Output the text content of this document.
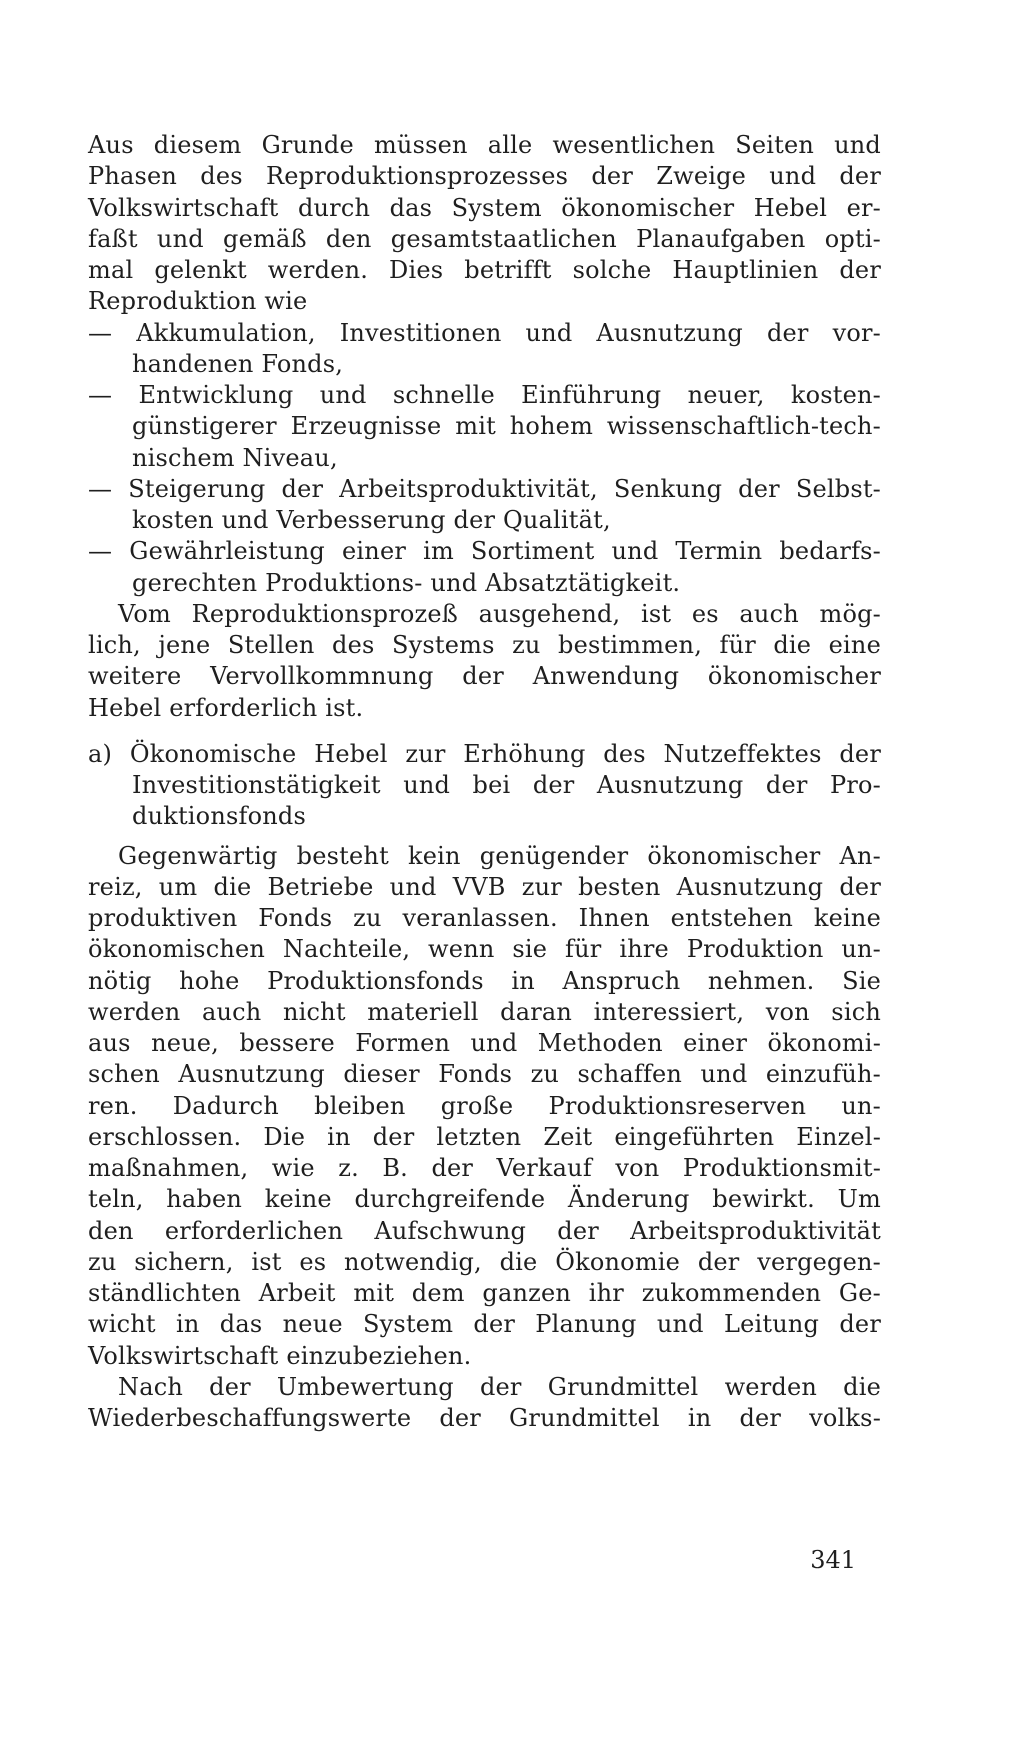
Aus diesem Grunde müssen alle wesentlichen Seiten und
Phasen des Reproduktionsprozesses der Zweige und der
Volkswirtschaft durch das System ökonomischer Hebel er-
faßt und gemäß den gesamtstaatlichen Planaufgaben opti-
mal gelenkt werden. Dies betrifft solche Hauptlinien der
Reproduktion wie
— Akkumulation, Investitionen und Ausnutzung der vor-
handenen Fonds,
— Entwicklung und schnelle Einführung neuer, kosten-
günstigerer Erzeugnisse mit hohem wissenschaftlich-tech-
nischem Niveau,
— Steigerung der Arbeitsproduktivität, Senkung der Selbst-
kosten und Verbesserung der Qualität,
— Gewährleistung einer im Sortiment und Termin bedarfs-
gerechten Produktions- und Absatztätigkeit.
Vom Reproduktionsprozeß ausgehend, ist es auch mög-
lich, jene Stellen des Systems zu bestimmen, für die eine
weitere Vervollkommnung der Anwendung ökonomischer
Hebel erforderlich ist.
a) Ökonomische Hebel zur Erhöhung des Nutzeffektes der
Investitionstätigkeit und bei der Ausnutzung der Pro-
duktionsfonds
Gegenwärtig besteht kein genügender ökonomischer An-
reiz, um die Betriebe und VVB zur besten Ausnutzung der
produktiven Fonds zu veranlassen. Ihnen entstehen keine
ökonomischen Nachteile, wenn sie für ihre Produktion un-
nötig hohe Produktionsfonds in Anspruch nehmen. Sie
werden auch nicht materiell daran interessiert, von sich
aus neue, bessere Formen und Methoden einer ökonomi-
schen Ausnutzung dieser Fonds zu schaffen und einzufüh-
ren. Dadurch bleiben große Produktionsreserven un-
erschlossen. Die in der letzten Zeit eingeführten Einzel-
maßnahmen, wie z. B. der Verkauf von Produktionsmit-
teln, haben keine durchgreifende Änderung bewirkt. Um
den erforderlichen Aufschwung der Arbeitsproduktivität
zu sichern, ist es notwendig, die Ökonomie der vergegen-
ständlichten Arbeit mit dem ganzen ihr zukommenden Ge-
wicht in das neue System der Planung und Leitung der
Volkswirtschaft einzubeziehen.
Nach der Umbewertung der Grundmittel werden die
Wiederbeschaffungswerte der Grundmittel in der volks-
341
